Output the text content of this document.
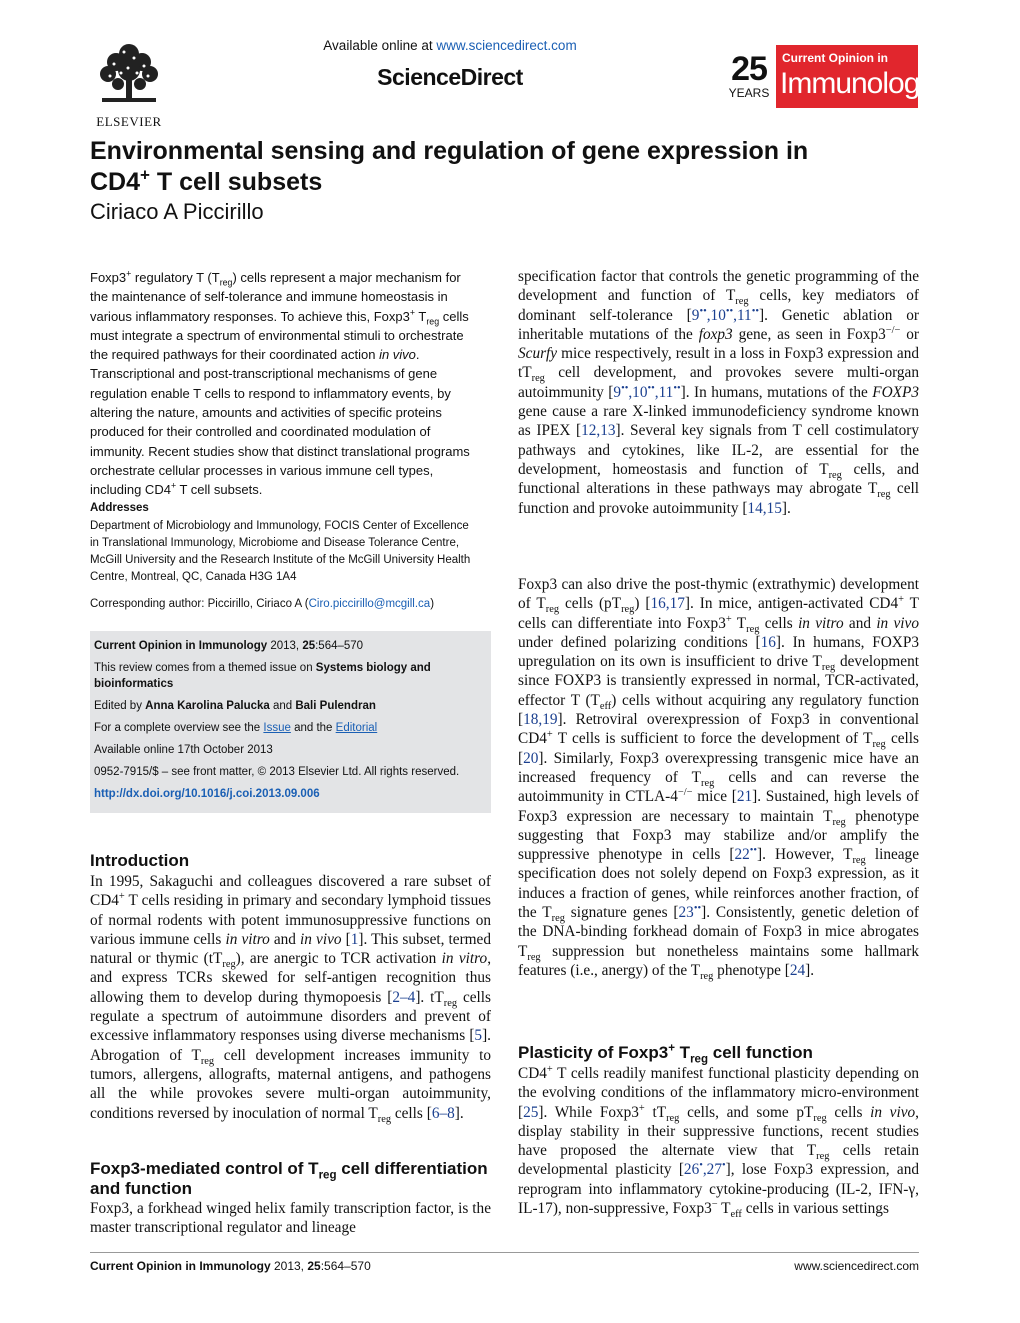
ELSEVIER
Available online at www.sciencedirect.com
ScienceDirect	25
YEARS
Current Opinion in
Immunology
Environmental sensing and regulation of gene expression in
CD4+ T cell subsets
Ciriaco A Piccirillo
Foxp3+ regulatory T $(T_{reg})$ cells represent a major mechanism for the maintenance of self-tolerance and immune homeostasis in various inflammatory responses. To achieve this, Foxp3+ $T_{reg}$ cells must integrate a spectrum of environmental stimuli to orchestrate the required pathways for their coordinated action in vivo. Transcriptional and post-transcriptional mechanisms of gene regulation enable T cells to respond to inflammatory events, by altering the nature, amounts and activities of specific proteins produced for their controlled and coordinated modulation of immunity. Recent studies show that distinct translational programs orchestrate cellular processes in various immune cell types, including CD4+ T cell subsets.
Addresses
Department of Microbiology and Immunology, FOCIS Center of Excellence in Translational Immunology, Microbiome and Disease Tolerance Centre, McGill University and the Research Institute of the McGill University Health Centre, Montreal, QC, Canada H3G 1A4
Corresponding author: Piccirillo, Ciriaco A (Ciro.piccirillo@mcgill.ca)
Current Opinion in Immunology 2013, 25:564–570
This review comes from a themed issue on Systems biology and bioinformatics
Edited by Anna Karolina Palucka and Bali Pulendran
For a complete overview see the Issue and the Editorial
Available online 17th October 2013
0952-7915/$ – see front matter, © 2013 Elsevier Ltd. All rights reserved.
http://dx.doi.org/10.1016/j.coi.2013.09.006
Introduction
In 1995, Sakaguchi and colleagues discovered a rare subset of CD4+ T cells residing in primary and secondary lymphoid tissues of normal rodents with potent immunosuppressive functions on various immune cells in vitro and in vivo [1]. This subset, termed natural or thymic $(tT_{reg})$, are anergic to TCR activation in vitro, and express TCRs skewed for self-antigen recognition thus allowing them to develop during thymopoesis [2–4]. $tT_{reg}$ cells regulate a spectrum of autoimmune disorders and prevent of excessive inflammatory responses using diverse mechanisms [5]. Abrogation of $T_{reg}$ cell development increases immunity to tumors, allergens, allografts, maternal antigens, and pathogens all the while provokes severe multi-organ autoimmunity, conditions reversed by inoculation of normal $T_{reg}$ cells [6–8].
Foxp3-mediated control of $T_{reg}$ cell differentiation and function
Foxp3, a forkhead winged helix family transcription factor, is the master transcriptional regulator and lineage
specification factor that controls the genetic programming of the development and function of $T_{reg}$ cells, key mediators of dominant self-tolerance [9••,10••,11••]. Genetic ablation or inheritable mutations of the foxp3 gene, as seen in Foxp3−/− or Scurfy mice respectively, result in a loss in Foxp3 expression and $tT_{reg}$ cell development, and provokes severe multi-organ autoimmunity [9••,10••,11••]. In humans, mutations of the FOXP3 gene cause a rare X-linked immunodeficiency syndrome known as IPEX [12,13]. Several key signals from T cell costimulatory pathways and cytokines, like IL-2, are essential for the development, homeostasis and function of $T_{reg}$ cells, and functional alterations in these pathways may abrogate $T_{reg}$ cell function and provoke autoimmunity [14,15].
Foxp3 can also drive the post-thymic (extrathymic) development of $T_{reg}$ cells $(pT_{reg})$ [16,17]. In mice, antigen-activated CD4+ T cells can differentiate into Foxp3+ $T_{reg}$ cells in vitro and in vivo under defined polarizing conditions [16]. In humans, FOXP3 upregulation on its own is insufficient to drive $T_{reg}$ development since FOXP3 is transiently expressed in normal, TCR-activated, effector T $(T_{eff})$ cells without acquiring any regulatory function [18,19]. Retroviral overexpression of Foxp3 in conventional CD4+ T cells is sufficient to force the development of $T_{reg}$ cells [20]. Similarly, Foxp3 overexpressing transgenic mice have an increased frequency of $T_{reg}$ cells and can reverse the autoimmunity in CTLA-4−/− mice [21]. Sustained, high levels of Foxp3 expression are necessary to maintain $T_{reg}$ phenotype suggesting that Foxp3 may stabilize and/or amplify the suppressive phenotype in cells [22••]. However, $T_{reg}$ lineage specification does not solely depend on Foxp3 expression, as it induces a fraction of genes, while reinforces another fraction, of the $T_{reg}$ signature genes [23••]. Consistently, genetic deletion of the DNA-binding forkhead domain of Foxp3 in mice abrogates $T_{reg}$ suppression but nonetheless maintains some hallmark features (i.e., anergy) of the $T_{reg}$ phenotype [24].
Plasticity of Foxp3+ $T_{reg}$ cell function
CD4+ T cells readily manifest functional plasticity depending on the evolving conditions of the inflammatory micro-environment [25]. While Foxp3+ $tT_{reg}$ cells, and some $pT_{reg}$ cells in vivo, display stability in their suppressive functions, recent studies have proposed the alternate view that $T_{reg}$ cells retain developmental plasticity [26•,27•], lose Foxp3 expression, and reprogram into inflammatory cytokine-producing (IL-2, IFN-γ, IL-17), non-suppressive, Foxp3− $T_{eff}$ cells in various settings
Current Opinion in Immunology 2013, 25:564–570	www.sciencedirect.com
